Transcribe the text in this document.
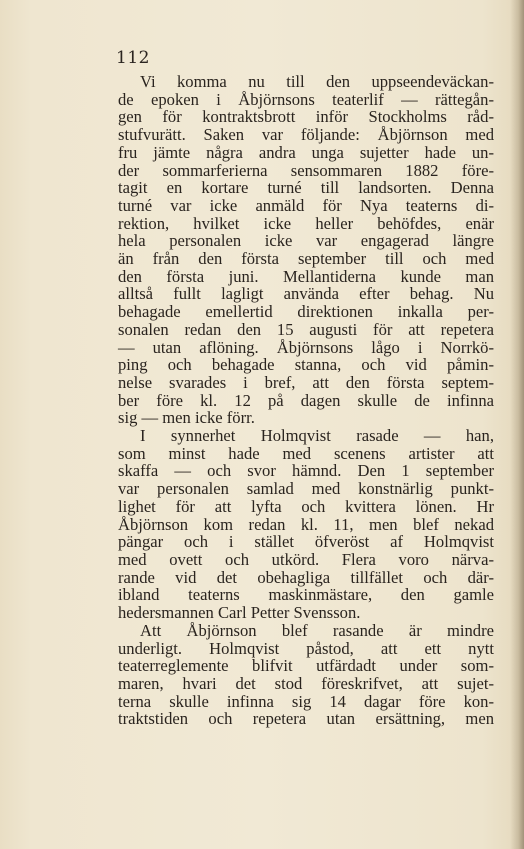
112
Vi komma nu till den uppseendeväckan-
de epoken i Åbjörnsons teaterlif — rättegån-
gen för kontraktsbrott inför Stockholms råd-
stufvurätt. Saken var följande: Åbjörnson med
fru jämte några andra unga sujetter hade un-
der sommarferierna sensommaren 1882 före-
tagit en kortare turné till landsorten. Denna
turné var icke anmäld för Nya teaterns di-
rektion, hvilket icke heller behöfdes, enär
hela personalen icke var engagerad längre
än från den första september till och med
den första juni. Mellantiderna kunde man
alltså fullt lagligt använda efter behag. Nu
behagade emellertid direktionen inkalla per-
sonalen redan den 15 augusti för att repetera
— utan aflöning. Åbjörnsons lågo i Norrkö-
ping och behagade stanna, och vid påmin-
nelse svarades i bref, att den första septem-
ber före kl. 12 på dagen skulle de infinna
sig — men icke förr.
I synnerhet Holmqvist rasade — han,
som minst hade med scenens artister att
skaffa — och svor hämnd. Den 1 september
var personalen samlad med konstnärlig punkt-
lighet för att lyfta och kvittera lönen. Hr
Åbjörnson kom redan kl. 11, men blef nekad
pängar och i stället öfveröst af Holmqvist
med ovett och utkörd. Flera voro närva-
rande vid det obehagliga tillfället och där-
ibland teaterns maskinmästare, den gamle
hedersmannen Carl Petter Svensson.
Att Åbjörnson blef rasande är mindre
underligt. Holmqvist påstod, att ett nytt
teaterreglemente blifvit utfärdadt under som-
maren, hvari det stod föreskrifvet, att sujet-
terna skulle infinna sig 14 dagar före kon-
traktstiden och repetera utan ersättning, men
